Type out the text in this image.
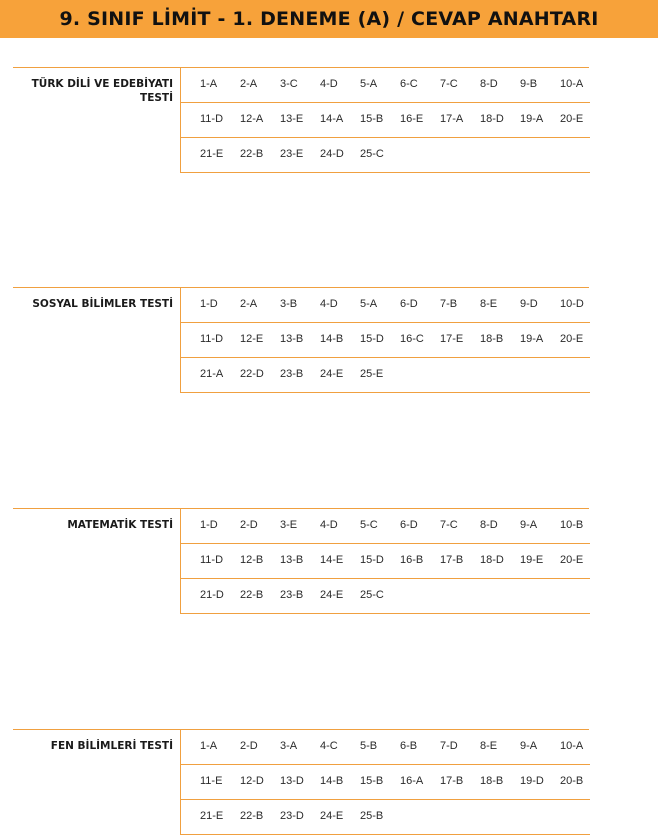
9. SINIF LİMİT - 1. DENEME (A) / CEVAP ANAHTARI
TÜRK DİLİ VE EDEBİYATI
TESTİ
1-A 2-A 3-C 4-D 5-A 6-C 7-C 8-D 9-B 10-A
11-D 12-A 13-E 14-A 15-B 16-E 17-A 18-D 19-A 20-E
21-E 22-B 23-E 24-D 25-C
SOSYAL BİLİMLER TESTİ 1-D 2-A 3-B 4-D 5-A 6-D 7-B 8-E 9-D 10-D
11-D 12-E 13-B 14-B 15-D 16-C 17-E 18-B 19-A 20-E
21-A 22-D 23-B 24-E 25-E
MATEMATİK TESTİ 1-D 2-D 3-E 4-D 5-C 6-D 7-C 8-D 9-A 10-B
11-D 12-B 13-B 14-E 15-D 16-B 17-B 18-D 19-E 20-E
21-D 22-B 23-B 24-E 25-C
FEN BİLİMLERİ TESTİ 1-A 2-D 3-A 4-C 5-B 6-B 7-D 8-E 9-A 10-A
11-E 12-D 13-D 14-B 15-B 16-A 17-B 18-B 19-D 20-B
21-E 22-B 23-D 24-E 25-B
